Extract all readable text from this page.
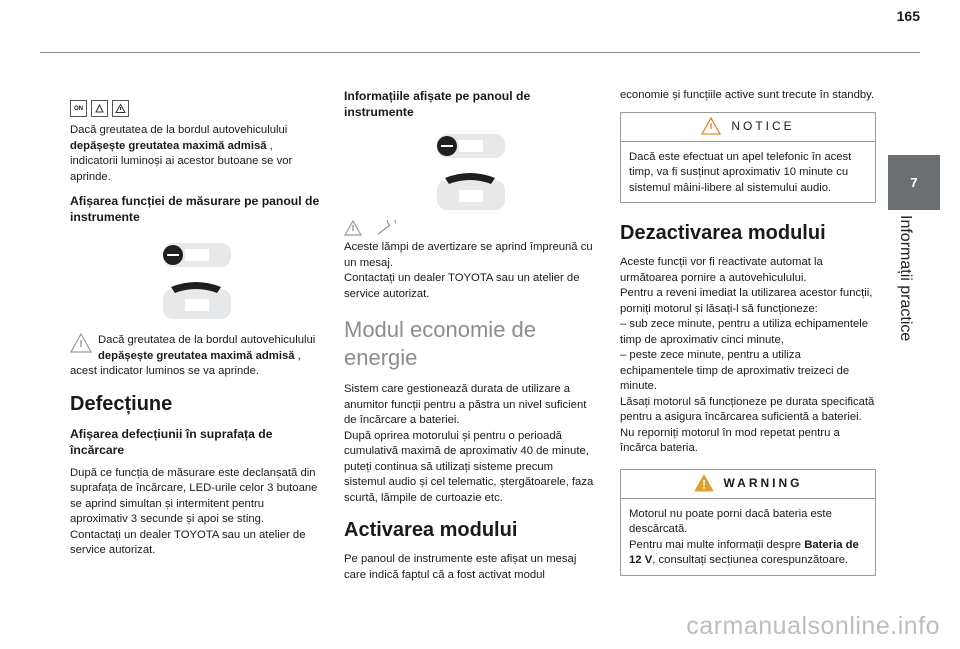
165
7
Informații practice
ON

Dacă greutatea de la bordul autovehiculului depășește greutatea maximă admisă , indicatorii luminoși ai acestor butoane se vor aprinde.

Afișarea funcției de măsurare pe panoul de instrumente

Dacă greutatea de la bordul autovehiculului depășește greutatea maximă admisă , acest indicator luminos se va aprinde.

Defecțiune

Afișarea defecțiunii în suprafața de încărcare

După ce funcția de măsurare este declanșată din suprafața de încărcare, LED-urile celor 3 butoane se aprind simultan și intermitent pentru aproximativ 3 secunde și apoi se sting.

Contactați un dealer TOYOTA sau un atelier de service autorizat.

Informațiile afișate pe panoul de instrumente

Aceste lămpi de avertizare se aprind împreună cu un mesaj.

Contactați un dealer TOYOTA sau un atelier de service autorizat.

Modul economie de energie

Sistem care gestionează durata de utilizare a anumitor funcții pentru a păstra un nivel suficient de încărcare a bateriei.

După oprirea motorului și pentru o perioadă cumulativă maximă de aproximativ 40 de minute, puteți continua să utilizați sisteme precum sistemul audio și cel telematic, ștergătoarele, faza scurtă, lămpile de curtoazie etc.

Activarea modului

Pe panoul de instrumente este afișat un mesaj care indică faptul că a fost activat modul

economie și funcțiile active sunt trecute în standby.

NOTICE

Dacă este efectuat un apel telefonic în acest timp, va fi susținut aproximativ 10 minute cu sistemul mâini-libere al sistemului audio.

Dezactivarea modului

Aceste funcții vor fi reactivate automat la următoarea pornire a autovehiculului.

Pentru a reveni imediat la utilizarea acestor funcții, porniți motorul și lăsați-l să funcționeze:

– sub zece minute, pentru a utiliza echipamentele timp de aproximativ cinci minute,

– peste zece minute, pentru a utiliza echipamentele timp de aproximativ treizeci de minute.

Lăsați motorul să funcționeze pe durata specificată pentru a asigura încărcarea suficientă a bateriei.

Nu reporniți motorul în mod repetat pentru a încărca bateria.

WARNING

Motorul nu poate porni dacă bateria este descărcată.

Pentru mai multe informații despre Bateria de 12 V, consultați secțiunea corespunzătoare.

carmanualsonline.info
